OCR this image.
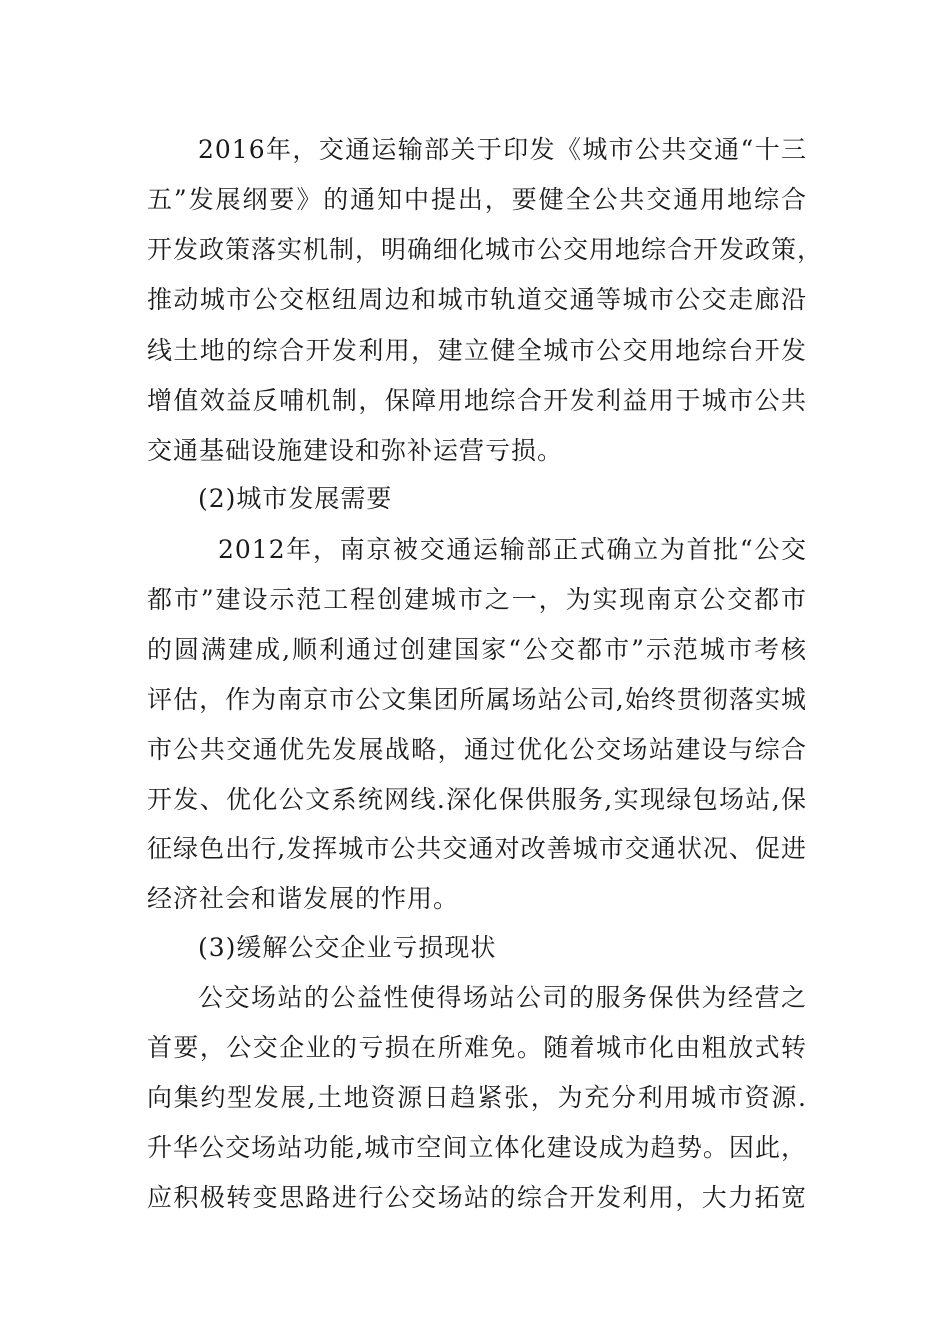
2016年，交通运输部关于印发《城市公共交通“十三
五”发展纲要》的通知中提出，要健全公共交通用地综合
开发政策落实机制，明确细化城市公交用地综合开发政策，
推动城市公交枢纽周边和城市轨道交通等城市公交走廊沿
线土地的综合开发利用，建立健全城市公交用地综台开发
增值效益反哺机制，保障用地综合开发利益用于城市公共
交通基础设施建设和弥补运营亏损。
(2)城市发展需要
2012年，南京被交通运输部正式确立为首批“公交
都市”建设示范工程创建城市之一，为实现南京公交都市
的圆满建成,顺利通过创建国家“公交都市”示范城市考核
评估，作为南京市公文集团所属场站公司,始终贯彻落实城
市公共交通优先发展战略，通过优化公交场站建设与综合
开发、优化公文系统网线.深化保供服务,实现绿包场站,保
征绿色出行,发挥城市公共交通对改善城市交通状况、促进
经济社会和谐发展的怍用。
(3)缓解公交企业亏损现状
公交场站的公益性使得场站公司的服务保供为经营之
首要，公交企业的亏损在所难免。随着城市化由粗放式转
向集约型发展,土地资源日趋紧张，为充分利用城市资源.
升华公交场站功能,城市空间立体化建设成为趋势。因此，
应积极转变思路进行公交场站的综合开发利用，大力拓宽
